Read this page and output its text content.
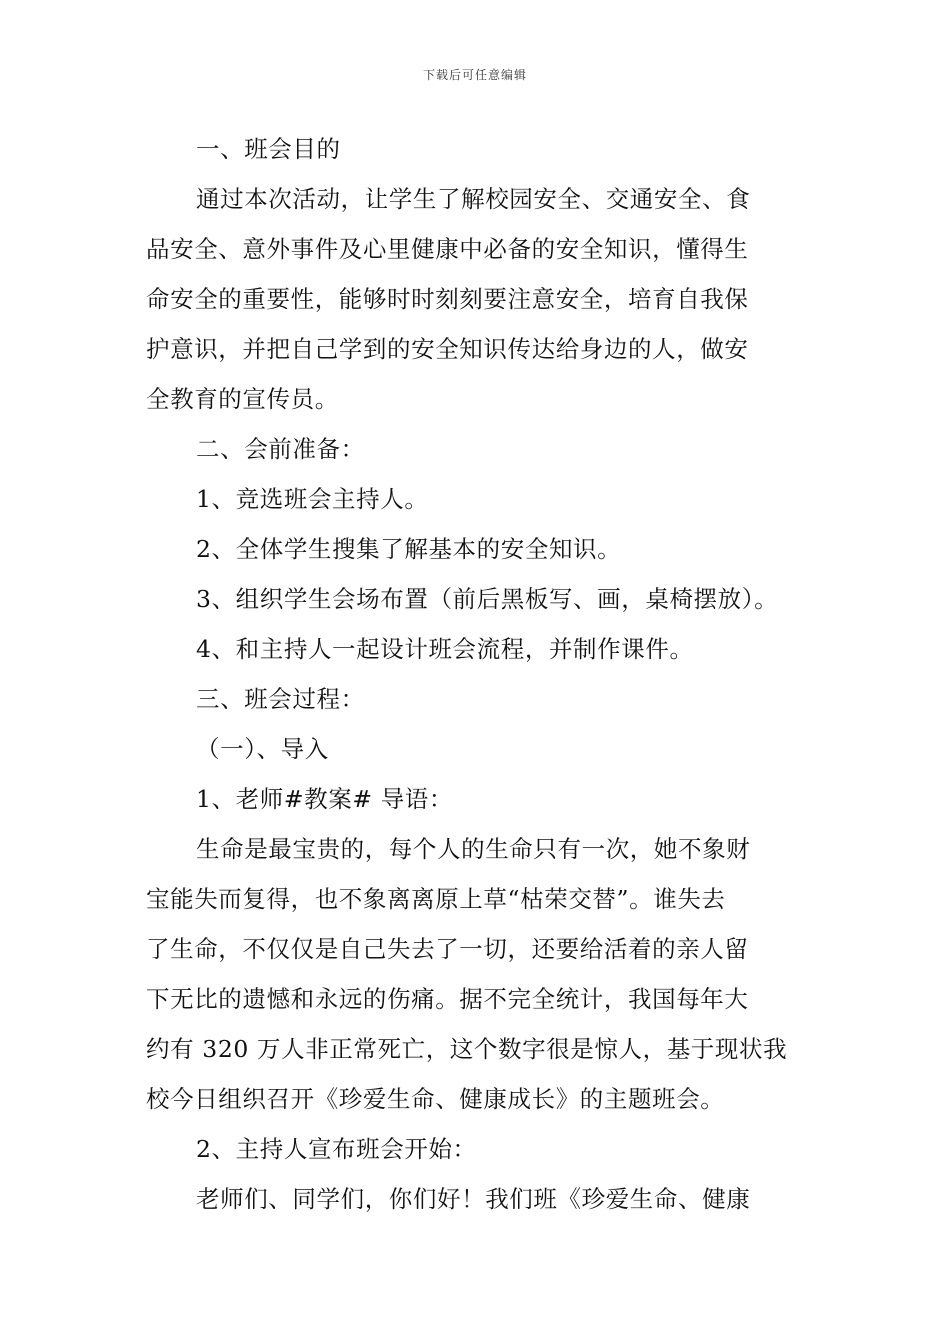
下载后可任意编辑
一、班会目的
通过本次活动，让学生了解校园安全、交通安全、食
品安全、意外事件及心里健康中必备的安全知识，懂得生
命安全的重要性，能够时时刻刻要注意安全，培育自我保
护意识，并把自己学到的安全知识传达给身边的人，做安
全教育的宣传员。
二、会前准备：
1、竞选班会主持人。
2、全体学生搜集了解基本的安全知识。
3、组织学生会场布置（前后黑板写、画，桌椅摆放）。
4、和主持人一起设计班会流程，并制作课件。
三、班会过程：
（一）、导入
1、老师#教案# 导语：
生命是最宝贵的，每个人的生命只有一次，她不象财
宝能失而复得，也不象离离原上草“枯荣交替”。谁失去
了生命，不仅仅是自己失去了一切，还要给活着的亲人留
下无比的遗憾和永远的伤痛。据不完全统计，我国每年大
约有 320 万人非正常死亡，这个数字很是惊人，基于现状我
校今日组织召开《珍爱生命、健康成长》的主题班会。
2、主持人宣布班会开始：
老师们、同学们，你们好！我们班《珍爱生命、健康
